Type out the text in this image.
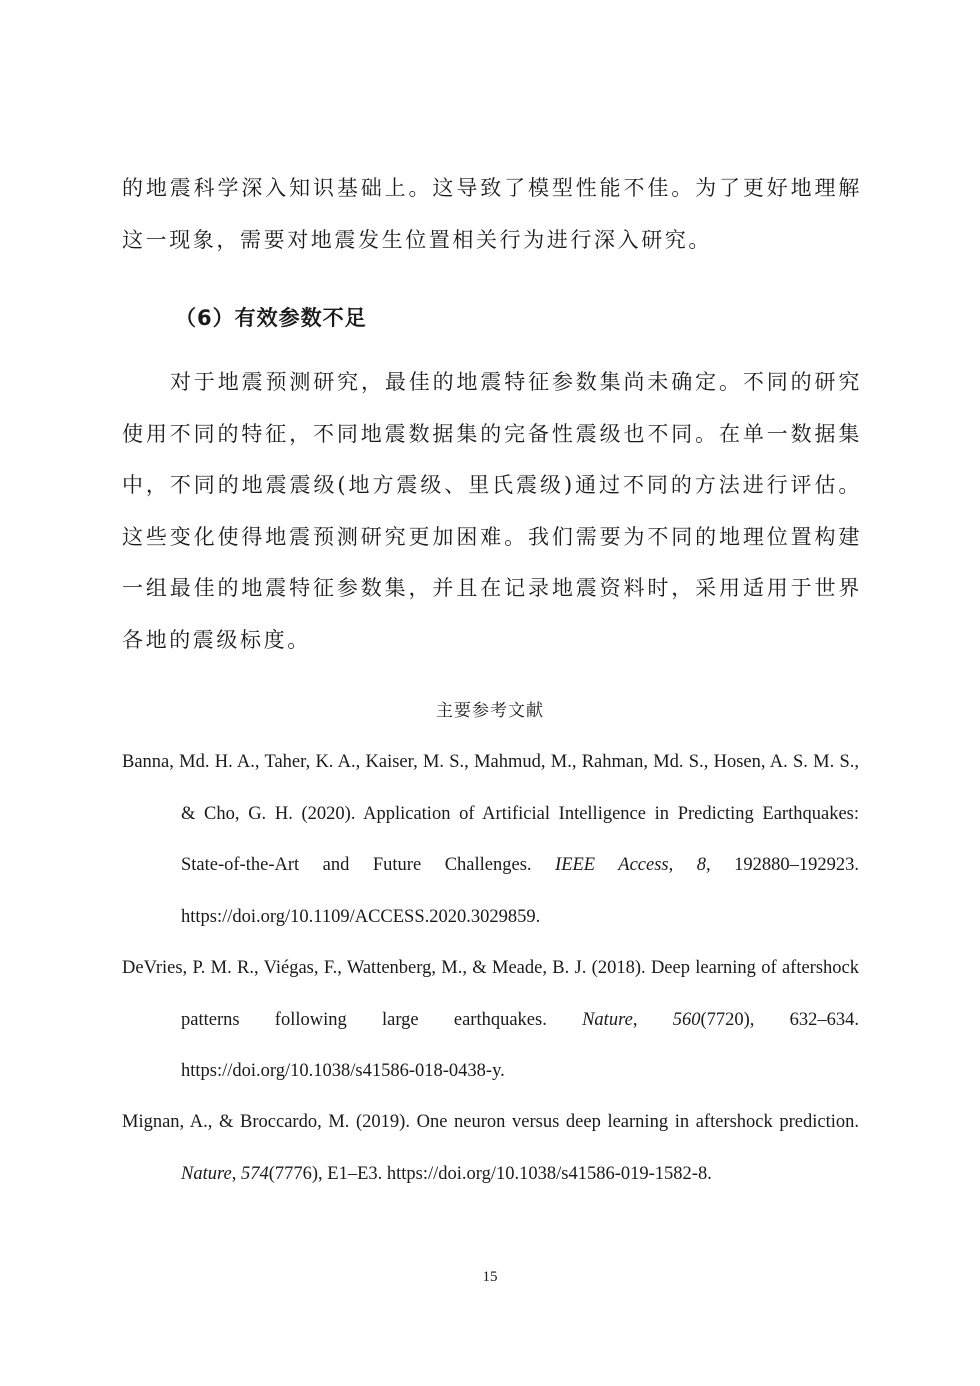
的地震科学深入知识基础上。这导致了模型性能不佳。为了更好地理解这一现象，需要对地震发生位置相关行为进行深入研究。

（6）有效参数不足

对于地震预测研究，最佳的地震特征参数集尚未确定。不同的研究使用不同的特征，不同地震数据集的完备性震级也不同。在单一数据集中，不同的地震震级(地方震级、里氏震级)通过不同的方法进行评估。这些变化使得地震预测研究更加困难。我们需要为不同的地理位置构建一组最佳的地震特征参数集，并且在记录地震资料时，采用适用于世界各地的震级标度。

主要参考文献

Banna, Md. H. A., Taher, K. A., Kaiser, M. S., Mahmud, M., Rahman, Md. S., Hosen, A. S. M. S., & Cho, G. H. (2020). Application of Artificial Intelligence in Predicting Earthquakes: State-of-the-Art and Future Challenges. IEEE Access, 8, 192880–192923. https://doi.org/10.1109/ACCESS.2020.3029859.

DeVries, P. M. R., Viégas, F., Wattenberg, M., & Meade, B. J. (2018). Deep learning of aftershock patterns following large earthquakes. Nature, 560(7720), 632–634. https://doi.org/10.1038/s41586-018-0438-y.

Mignan, A., & Broccardo, M. (2019). One neuron versus deep learning in aftershock prediction. Nature, 574(7776), E1–E3. https://doi.org/10.1038/s41586-019-1582-8.

15
